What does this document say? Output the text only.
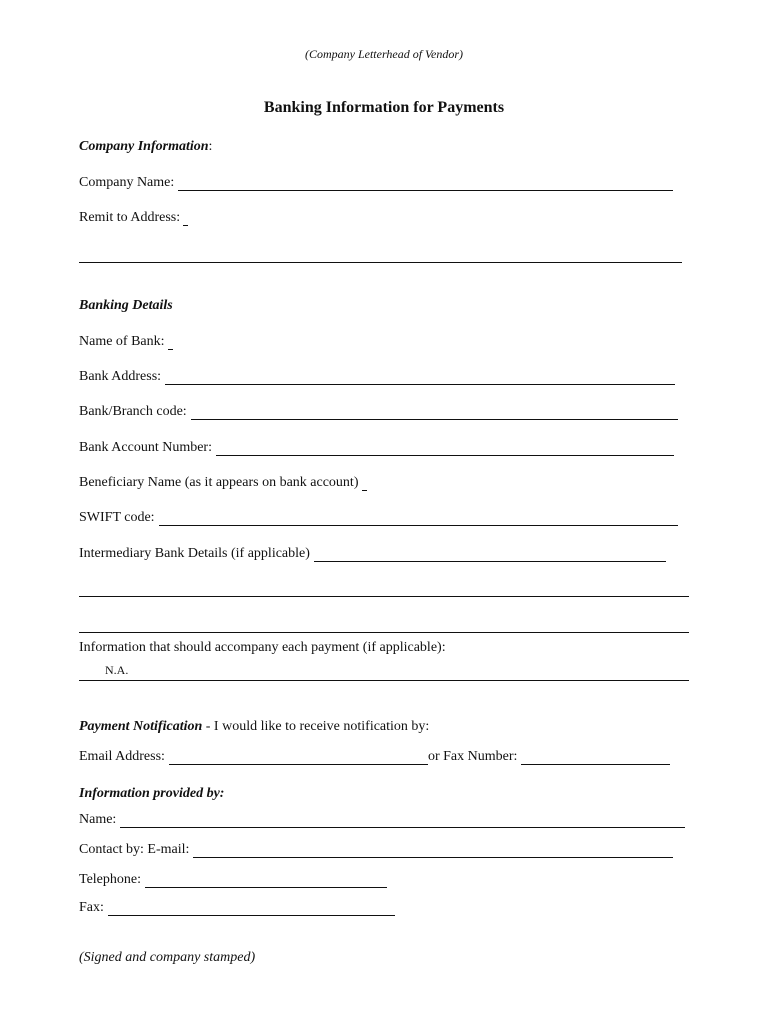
(Company Letterhead of Vendor)
Banking Information for Payments
Company Information:
Company Name:
Remit to Address:
Banking Details
Name of Bank:
Bank Address:
Bank/Branch code:
Bank Account Number:
Beneficiary Name (as it appears on bank account)
SWIFT code:
Intermediary Bank Details (if applicable)
Information that should accompany each payment (if applicable):
N.A.
Payment Notification - I would like to receive notification by:
Email Address:	or Fax Number:
Information provided by:
Name:
Contact by: E-mail:
Telephone:
Fax:
(Signed and company stamped)
